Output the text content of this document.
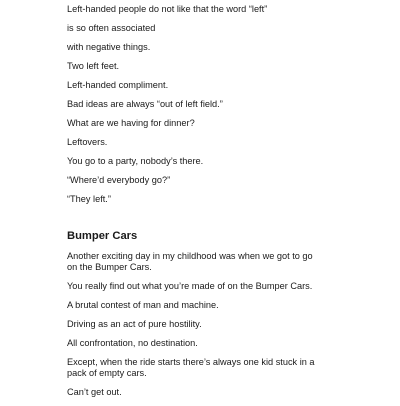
Left-handed people do not like that the word “left”

is so often associated

with negative things.

Two left feet.

Left-handed compliment.

Bad ideas are always “out of left field.”

What are we having for dinner?

Leftovers.

You go to a party, nobody’s there.

“Where’d everybody go?”

“They left.”

Bumper Cars

Another exciting day in my childhood was when we got to go

on the Bumper Cars.

You really find out what you’re made of on the Bumper Cars.

A brutal contest of man and machine.

Driving as an act of pure hostility.

All confrontation, no destination.

Except, when the ride starts there’s always one kid stuck in a

pack of empty cars.

Can’t get out.
